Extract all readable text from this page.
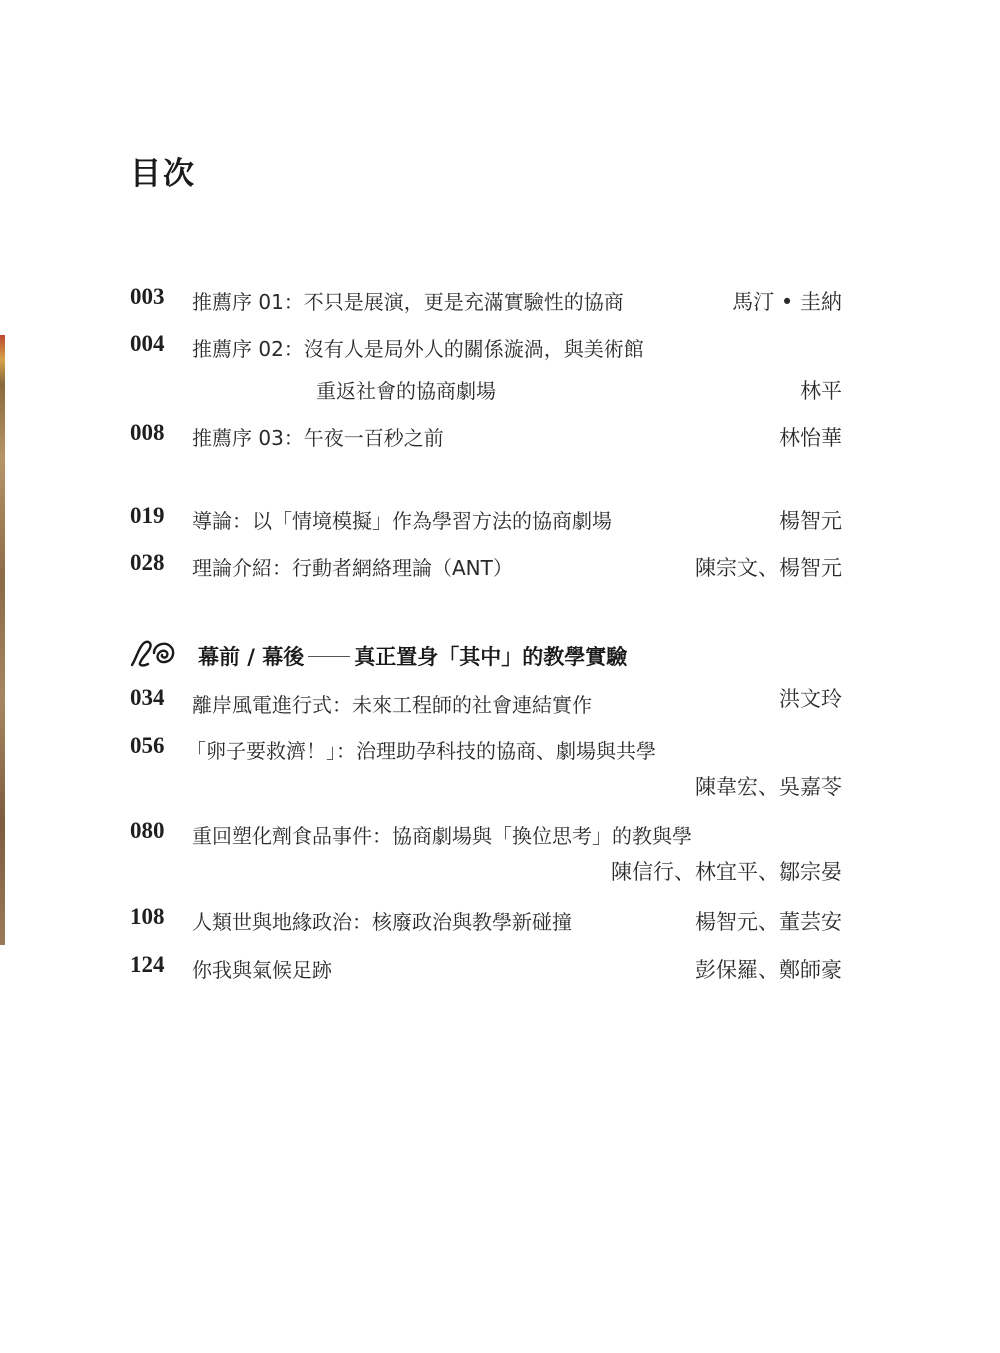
目次
003 推薦序 01：不只是展演，更是充滿實驗性的協商	馬汀 • 圭納
004 推薦序 02：沒有人是局外人的關係漩渦，與美術館
重返社會的協商劇場	林平
008 推薦序 03：午夜一百秒之前	林怡華
019 導論：以「情境模擬」作為學習方法的協商劇場	楊智元
028 理論介紹：行動者網絡理論（ANT）	陳宗文、楊智元
幕前 / 幕後 真正置身「其中」的教學實驗
034 離岸風電進行式：未來工程師的社會連結實作	洪文玲
056 「卵子要救濟！」：治理助孕科技的協商、劇場與共學
陳韋宏、吳嘉苓
080 重回塑化劑食品事件：協商劇場與「換位思考」的教與學
陳信行、林宜平、鄒宗晏
108 人類世與地緣政治：核廢政治與教學新碰撞	楊智元、董芸安
124 你我與氣候足跡	彭保羅、鄭師豪
